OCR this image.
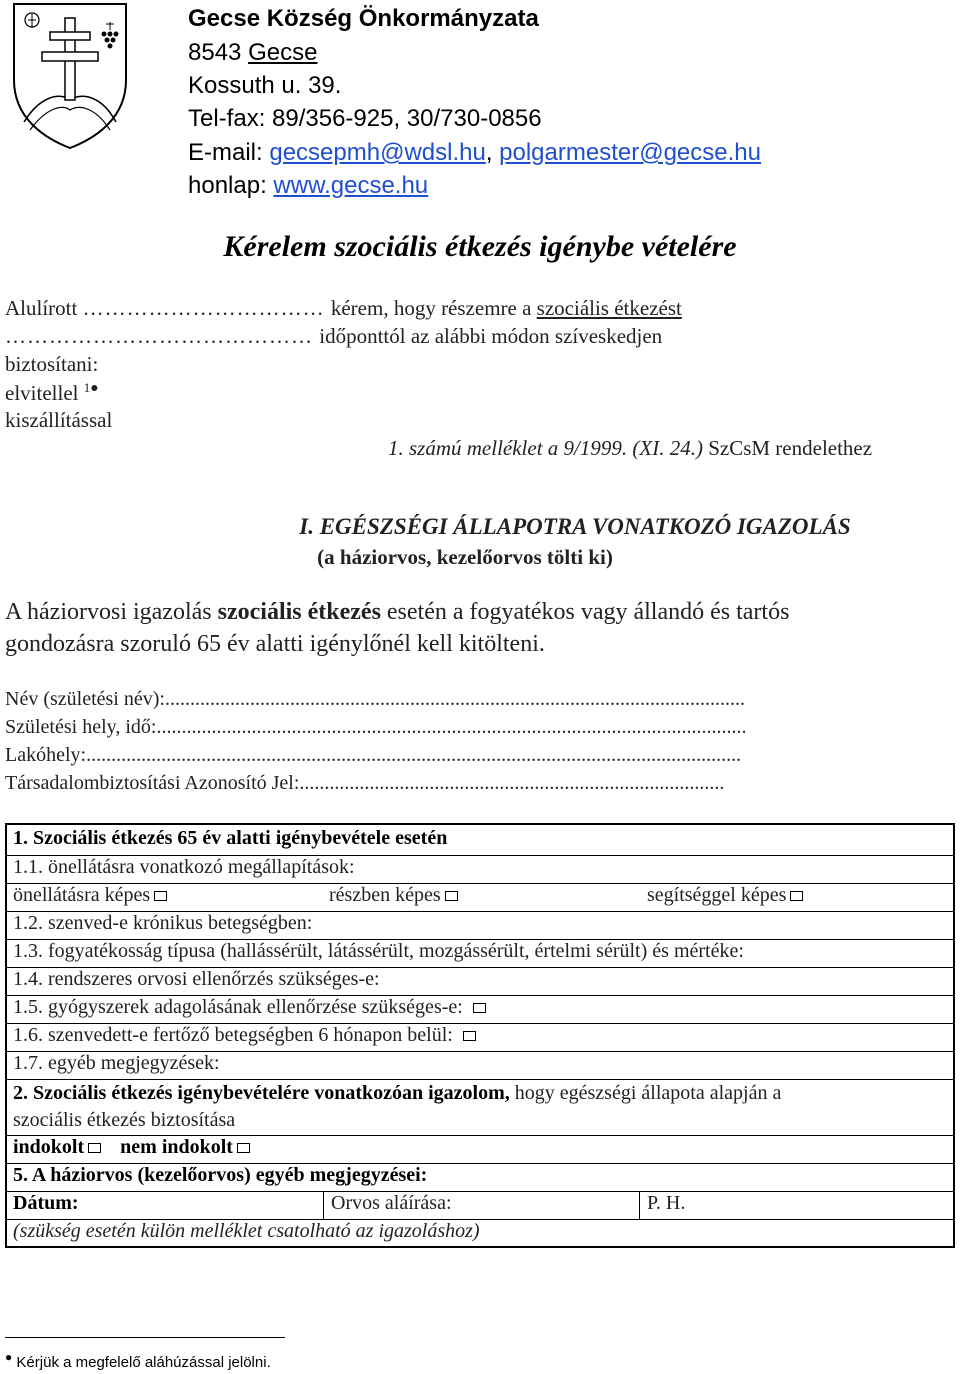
Gecse Község Önkormányzata
8543 Gecse
Kossuth u. 39.
Tel-fax: 89/356-925, 30/730-0856
E-mail: gecsepmh@wdsl.hu, polgarmester@gecse.hu
honlap: www.gecse.hu
Kérelem szociális étkezés igénybe vételére
Alulírott …………………………… kérem, hogy részemre a szociális étkezést
…………………………………… időponttól az alábbi módon szíveskedjen
biztosítani:
elvitellel $^{1●}$
kiszállítással
1. számú melléklet a 9/1999. (XI. 24.) SzCsM rendelethez
I. EGÉSZSÉGI ÁLLAPOTRA VONATKOZÓ IGAZOLÁS
(a háziorvos, kezelőorvos tölti ki)
A háziorvosi igazolás szociális étkezés esetén a fogyatékos vagy állandó és tartós
gondozásra szoruló 65 év alatti igénylőnél kell kitölteni.
Név (születési név):....................................................................................................................
Születési hely, idő:......................................................................................................................
Lakóhely:...................................................................................................................................
Társadalombiztosítási Azonosító Jel:.....................................................................................
1. Szociális étkezés 65 év alatti igénybevétele esetén
1.1. önellátásra vonatkozó megállapítások:
önellátásra képes	részben képes	segítséggel képes
1.2. szenved-e krónikus betegségben:
1.3. fogyatékosság típusa (hallássérült, látássérült, mozgássérült, értelmi sérült) és mértéke:
1.4. rendszeres orvosi ellenőrzés szükséges-e:
1.5. gyógyszerek adagolásának ellenőrzése szükséges-e:
1.6. szenvedett-e fertőző betegségben 6 hónapon belül:
1.7. egyéb megjegyzések:
2. Szociális étkezés igénybevételére vonatkozóan igazolom, hogy egészségi állapota alapján a
szociális étkezés biztosítása
indokolt nem indokolt
5. A háziorvos (kezelőorvos) egyéb megjegyzései:
Dátum:	Orvos aláírása:	P. H.
(szükség esetén külön melléklet csatolható az igazoláshoz)
● Kérjük a megfelelő aláhúzással jelölni.
